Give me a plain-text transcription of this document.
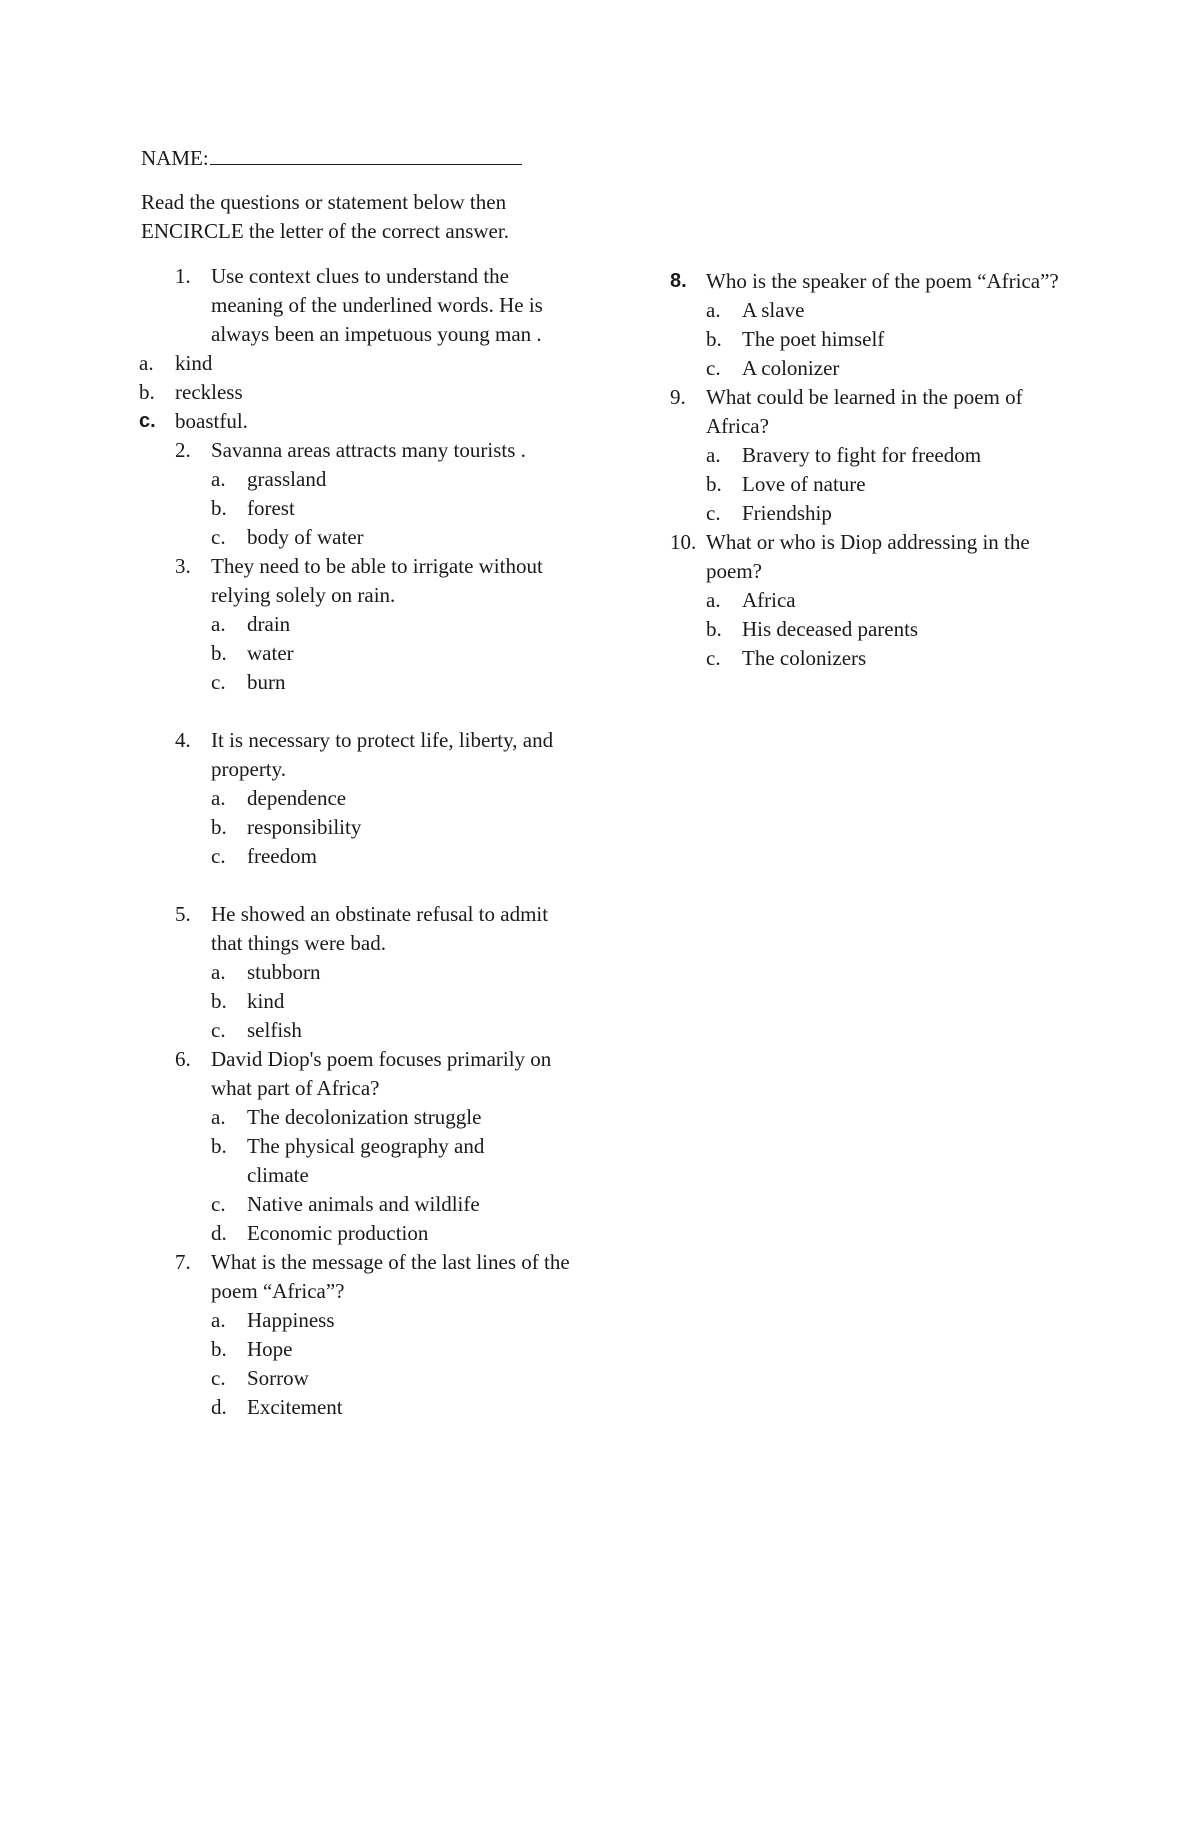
NAME:
Read the questions or statement below then ENCIRCLE the letter of the correct answer.
1. Use context clues to understand the meaning of the underlined words. He is always been an impetuous young man .
a. kind
b. reckless
c. boastful.
2. Savanna areas attracts many tourists .
a. grassland
b. forest
c. body of water
3. They need to be able to irrigate without relying solely on rain.
a. drain
b. water
c. burn
4. It is necessary to protect life, liberty, and property.
a. dependence
b. responsibility
c. freedom
5. He showed an obstinate refusal to admit that things were bad.
a. stubborn
b. kind
c. selfish
6. David Diop's poem focuses primarily on what part of Africa?
a. The decolonization struggle
b. The physical geography and climate
c. Native animals and wildlife
d. Economic production
7. What is the message of the last lines of the poem “Africa”?
a. Happiness
b. Hope
c. Sorrow
d. Excitement
8. Who is the speaker of the poem “Africa”?
a. A slave
b. The poet himself
c. A colonizer
9. What could be learned in the poem of Africa?
a. Bravery to fight for freedom
b. Love of nature
c. Friendship
10. What or who is Diop addressing in the poem?
a. Africa
b. His deceased parents
c. The colonizers
